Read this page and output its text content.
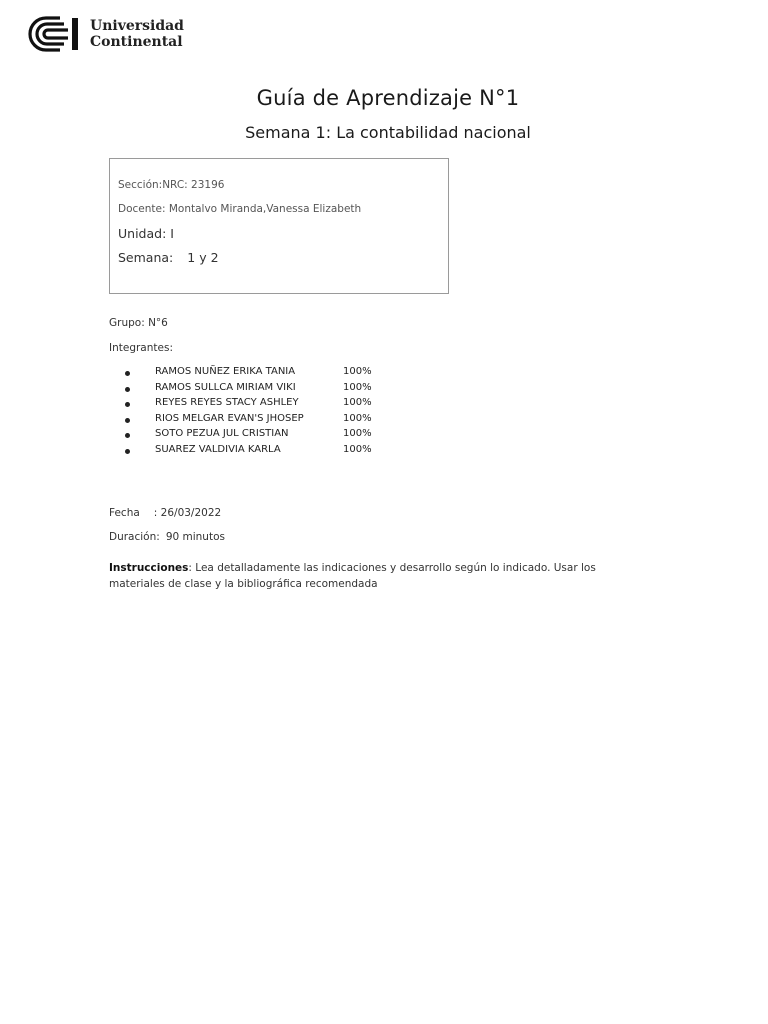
Universidad
Continental
Guía de Aprendizaje N°1
Semana 1: La contabilidad nacional
Sección:NRC: 23196
Docente: Montalvo Miranda,Vanessa Elizabeth
Unidad: I
Semana: 1 y 2
Grupo: N°6
Integrantes:
RAMOS NUÑEZ ERIKA TANIA	100%
RAMOS SULLCA MIRIAM VIKI	100%
REYES REYES STACY ASHLEY	100%
RIOS MELGAR EVAN'S JHOSEP	100%
SOTO PEZUA JUL CRISTIAN	100%
SUAREZ VALDIVIA KARLA	100%
Fecha : 26/03/2022
Duración: 90 minutos
Instrucciones: Lea detalladamente las indicaciones y desarrollo según lo indicado. Usar los materiales de clase y la bibliográfica recomendada
